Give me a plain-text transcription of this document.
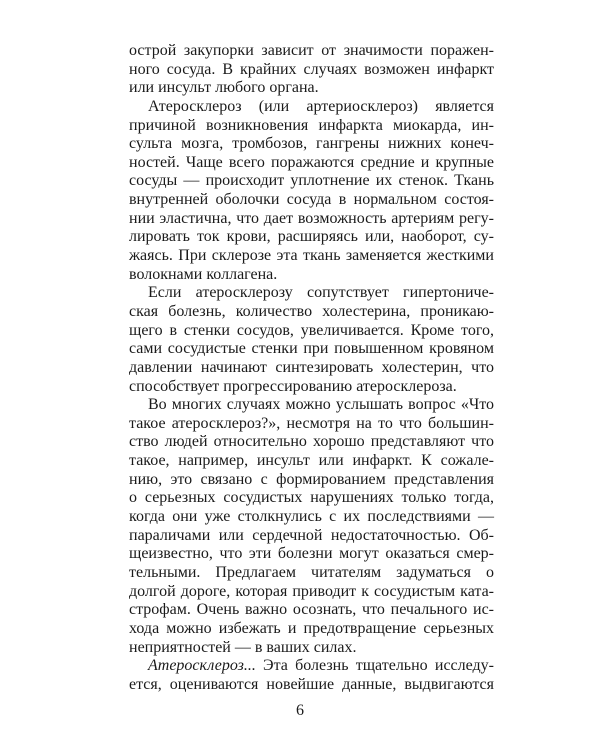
острой закупорки зависит от значимости поражен-
ного сосуда. В крайних случаях возможен инфаркт
или инсульт любого органа.
Атеросклероз (или артериосклероз) является
причиной возникновения инфаркта миокарда, ин-
сульта мозга, тромбозов, гангрены нижних конеч-
ностей. Чаще всего поражаются средние и крупные
сосуды — происходит уплотнение их стенок. Ткань
внутренней оболочки сосуда в нормальном состоя-
нии эластична, что дает возможность артериям регу-
лировать ток крови, расширяясь или, наоборот, су-
жаясь. При склерозе эта ткань заменяется жесткими
волокнами коллагена.
Если атеросклерозу сопутствует гипертониче-
ская болезнь, количество холестерина, проникаю-
щего в стенки сосудов, увеличивается. Кроме того,
сами сосудистые стенки при повышенном кровяном
давлении начинают синтезировать холестерин, что
способствует прогрессированию атеросклероза.
Во многих случаях можно услышать вопрос «Что
такое атеросклероз?», несмотря на то что большин-
ство людей относительно хорошо представляют что
такое, например, инсульт или инфаркт. К сожале-
нию, это связано с формированием представления
о серьезных сосудистых нарушениях только тогда,
когда они уже столкнулись с их последствиями —
параличами или сердечной недостаточностью. Об-
щеизвестно, что эти болезни могут оказаться смер-
тельными. Предлагаем читателям задуматься о
долгой дороге, которая приводит к сосудистым ката-
строфам. Очень важно осознать, что печального ис-
хода можно избежать и предотвращение серьезных
неприятностей — в ваших силах.
Атеросклероз... Эта болезнь тщательно исследу-
ется, оцениваются новейшие данные, выдвигаются
6
